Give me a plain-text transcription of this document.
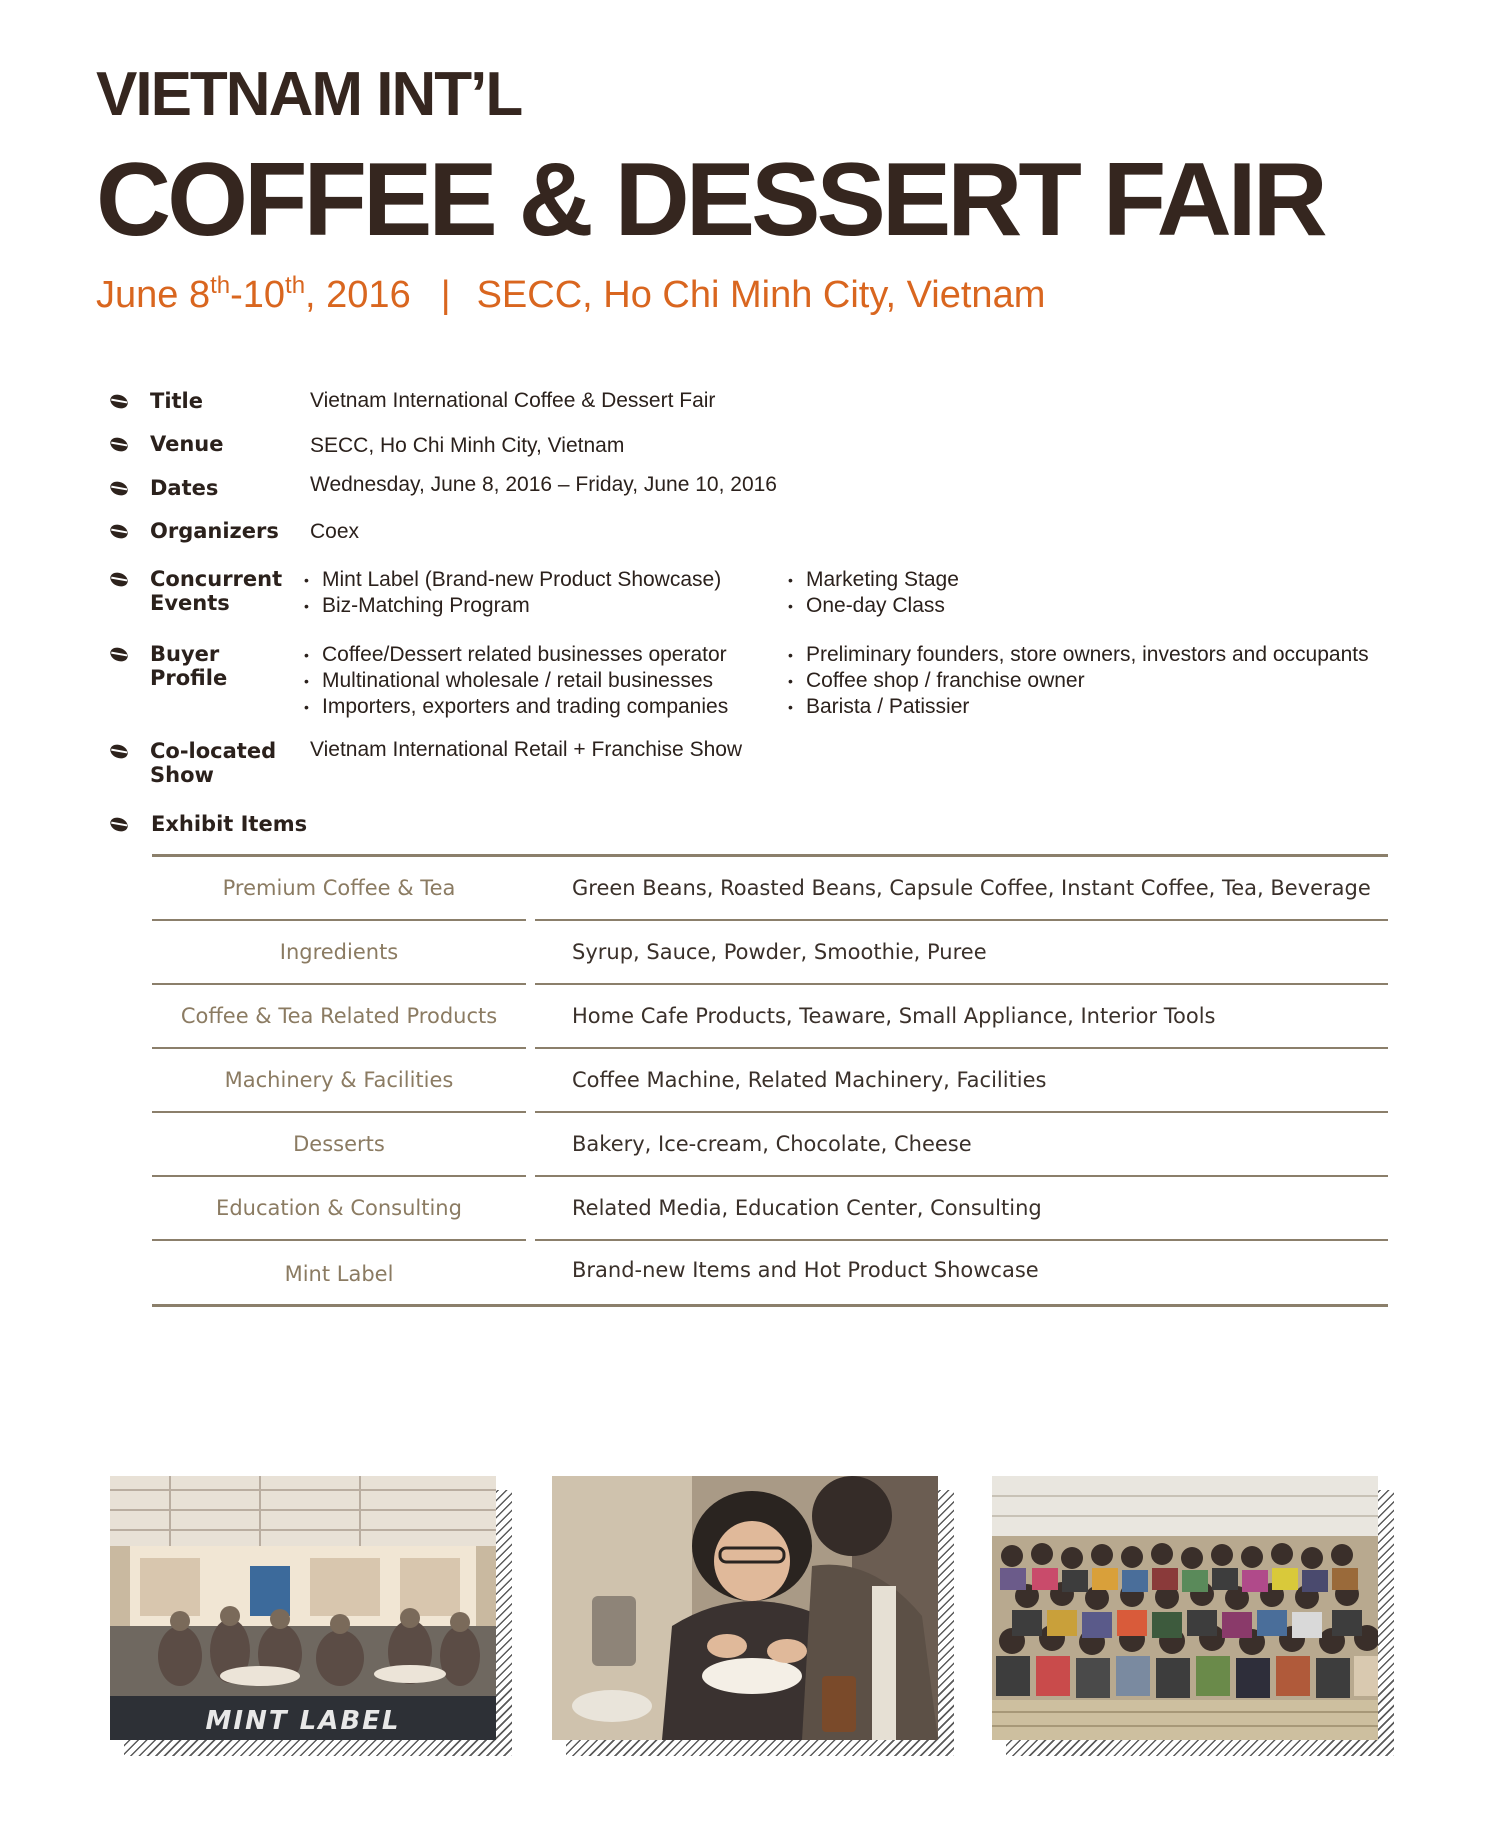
VIETNAM INT’L
COFFEE & DESSERT FAIR

June 8th-10th, 2016 | SECC, Ho Chi Minh City, Vietnam

Title	Vietnam International Coffee & Dessert Fair
Venue	SECC, Ho Chi Minh City, Vietnam
Dates	Wednesday, June 8, 2016 – Friday, June 10, 2016
Organizers Coex
Concurrent
Events
• Mint Label (Brand-new Product Showcase)
• Biz-Matching Program
• Marketing Stage
• One-day Class
Buyer
Profile
• Coffee/Dessert related businesses operator
• Multinational wholesale / retail businesses
• Importers, exporters and trading companies
• Preliminary founders, store owners, investors and occupants
• Coffee shop / franchise owner
• Barista / Patissier
Co-located
Show
Vietnam International Retail + Franchise Show
Exhibit Items
Premium Coffee & Tea	Green Beans, Roasted Beans, Capsule Coffee, Instant Coffee, Tea, Beverage
Ingredients	Syrup, Sauce, Powder, Smoothie, Puree
Coffee & Tea Related Products	Home Cafe Products, Teaware, Small Appliance, Interior Tools
Machinery & Facilities	Coffee Machine, Related Machinery, Facilities
Desserts	Bakery, Ice-cream, Chocolate, Cheese
Education & Consulting	Related Media, Education Center, Consulting
Mint Label	Brand-new Items and Hot Product Showcase
MINT LABEL
